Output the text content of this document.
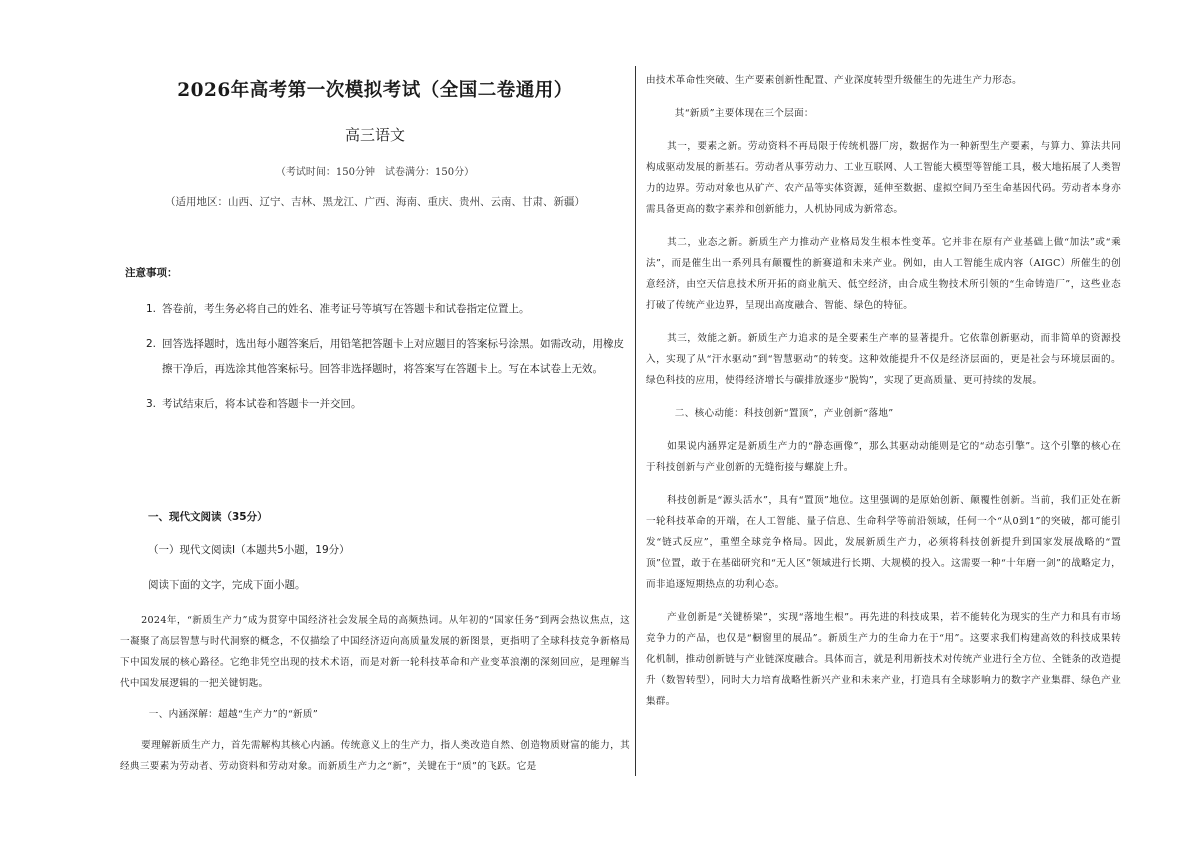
2026年高考第一次模拟考试（全国二卷通用）
高三语文
（考试时间：150分钟　试卷满分：150分）
（适用地区：山西、辽宁、吉林、黑龙江、广西、海南、重庆、贵州、云南、甘肃、新疆）
注意事项：
1. 答卷前，考生务必将自己的姓名、准考证号等填写在答题卡和试卷指定位置上。
2. 回答选择题时，选出每小题答案后，用铅笔把答题卡上对应题目的答案标号涂黑。如需改动，用橡皮擦干净后，再选涂其他答案标号。回答非选择题时，将答案写在答题卡上。写在本试卷上无效。
3. 考试结束后，将本试卷和答题卡一并交回。
一、现代文阅读（35分）
（一）现代文阅读Ⅰ（本题共5小题，19分）
阅读下面的文字，完成下面小题。

2024年，“新质生产力”成为贯穿中国经济社会发展全局的高频热词。从年初的“国家任务”到两会热议焦点，这一凝聚了高层智慧与时代洞察的概念，不仅描绘了中国经济迈向高质量发展的新图景，更指明了全球科技竞争新格局下中国发展的核心路径。它绝非凭空出现的技术术语，而是对新一轮科技革命和产业变革浪潮的深刻回应，是理解当代中国发展逻辑的一把关键钥匙。

一、内涵深解：超越“生产力”的“新质”

要理解新质生产力，首先需解构其核心内涵。传统意义上的生产力，指人类改造自然、创造物质财富的能力，其经典三要素为劳动者、劳动资料和劳动对象。而新质生产力之“新”，关键在于“质”的飞跃。它是

由技术革命性突破、生产要素创新性配置、产业深度转型升级催生的先进生产力形态。

其“新质”主要体现在三个层面：

其一，要素之新。劳动资料不再局限于传统机器厂房，数据作为一种新型生产要素，与算力、算法共同构成驱动发展的新基石。劳动者从事劳动力、工业互联网、人工智能大模型等智能工具，极大地拓展了人类智力的边界。劳动对象也从矿产、农产品等实体资源，延伸至数据、虚拟空间乃至生命基因代码。劳动者本身亦需具备更高的数字素养和创新能力，人机协同成为新常态。

其二，业态之新。新质生产力推动产业格局发生根本性变革。它并非在原有产业基础上做“加法”或“乘法”，而是催生出一系列具有颠覆性的新赛道和未来产业。例如，由人工智能生成内容（AIGC）所催生的创意经济，由空天信息技术所开拓的商业航天、低空经济，由合成生物技术所引领的“生命铸造厂”，这些业态打破了传统产业边界，呈现出高度融合、智能、绿色的特征。

其三，效能之新。新质生产力追求的是全要素生产率的显著提升。它依靠创新驱动，而非简单的资源投入，实现了从“汗水驱动”到“智慧驱动”的转变。这种效能提升不仅是经济层面的，更是社会与环境层面的。绿色科技的应用，使得经济增长与碳排放逐步“脱钩”，实现了更高质量、更可持续的发展。

二、核心动能：科技创新“置顶”，产业创新“落地”

如果说内涵界定是新质生产力的“静态画像”，那么其驱动动能则是它的“动态引擎”。这个引擎的核心在于科技创新与产业创新的无缝衔接与螺旋上升。

科技创新是“源头活水”，具有“置顶”地位。这里强调的是原始创新、颠覆性创新。当前，我们正处在新一轮科技革命的开端，在人工智能、量子信息、生命科学等前沿领域，任何一个“从0到1”的突破，都可能引发“链式反应”，重塑全球竞争格局。因此，发展新质生产力，必须将科技创新提升到国家发展战略的“置顶”位置，敢于在基础研究和“无人区”领域进行长期、大规模的投入。这需要一种“十年磨一剑”的战略定力，而非追逐短期热点的功利心态。

产业创新是“关键桥梁”，实现“落地生根”。再先进的科技成果，若不能转化为现实的生产力和具有市场竞争力的产品，也仅是“橱窗里的展品”。新质生产力的生命力在于“用”。这要求我们构建高效的科技成果转化机制，推动创新链与产业链深度融合。具体而言，就是利用新技术对传统产业进行全方位、全链条的改造提升（数智转型），同时大力培育战略性新兴产业和未来产业，打造具有全球影响力的数字产业集群、绿色产业集群。
